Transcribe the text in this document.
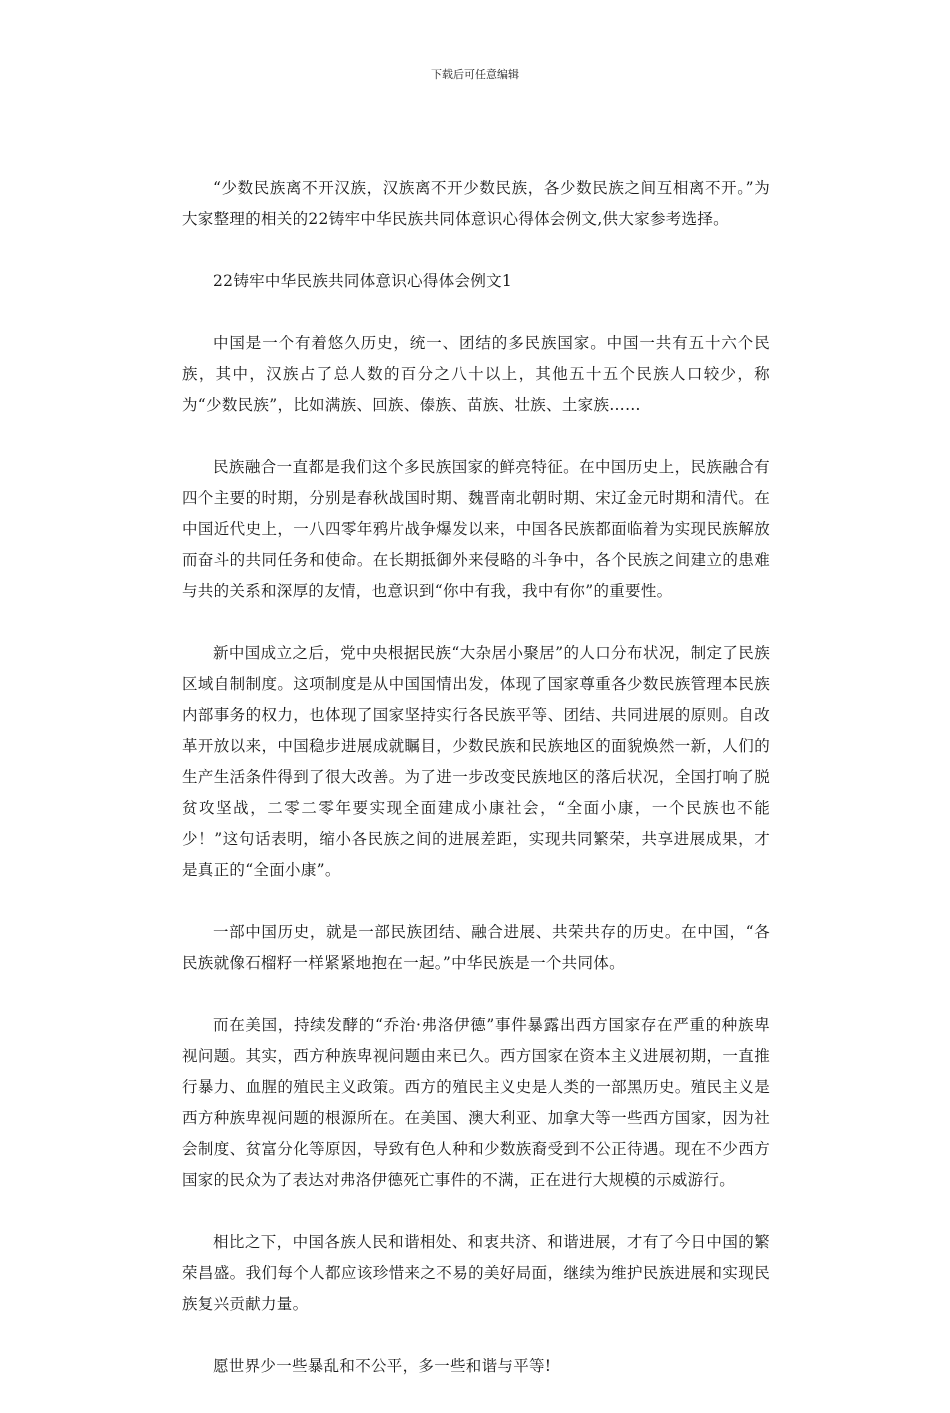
下载后可任意编辑

“少数民族离不开汉族，汉族离不开少数民族，各少数民族之间互相离不开。”为大家整理的相关的22铸牢中华民族共同体意识心得体会例文,供大家参考选择。

22铸牢中华民族共同体意识心得体会例文1

中国是一个有着悠久历史，统一、团结的多民族国家。中国一共有五十六个民族，其中，汉族占了总人数的百分之八十以上，其他五十五个民族人口较少，称为“少数民族”，比如满族、回族、傣族、苗族、壮族、土家族……

民族融合一直都是我们这个多民族国家的鲜亮特征。在中国历史上，民族融合有四个主要的时期，分别是春秋战国时期、魏晋南北朝时期、宋辽金元时期和清代。在中国近代史上，一八四零年鸦片战争爆发以来，中国各民族都面临着为实现民族解放而奋斗的共同任务和使命。在长期抵御外来侵略的斗争中，各个民族之间建立的患难与共的关系和深厚的友情，也意识到“你中有我，我中有你”的重要性。

新中国成立之后，党中央根据民族“大杂居小聚居”的人口分布状况，制定了民族区域自制制度。这项制度是从中国国情出发，体现了国家尊重各少数民族管理本民族内部事务的权力，也体现了国家坚持实行各民族平等、团结、共同进展的原则。自改革开放以来，中国稳步进展成就瞩目，少数民族和民族地区的面貌焕然一新，人们的生产生活条件得到了很大改善。为了进一步改变民族地区的落后状况，全国打响了脱贫攻坚战，二零二零年要实现全面建成小康社会，“全面小康，一个民族也不能少！”这句话表明，缩小各民族之间的进展差距，实现共同繁荣，共享进展成果，才是真正的“全面小康”。

一部中国历史，就是一部民族团结、融合进展、共荣共存的历史。在中国，“各民族就像石榴籽一样紧紧地抱在一起。”中华民族是一个共同体。

而在美国，持续发酵的“乔治·弗洛伊德”事件暴露出西方国家存在严重的种族卑视问题。其实，西方种族卑视问题由来已久。西方国家在资本主义进展初期，一直推行暴力、血腥的殖民主义政策。西方的殖民主义史是人类的一部黑历史。殖民主义是西方种族卑视问题的根源所在。在美国、澳大利亚、加拿大等一些西方国家，因为社会制度、贫富分化等原因，导致有色人种和少数族裔受到不公正待遇。现在不少西方国家的民众为了表达对弗洛伊德死亡事件的不满，正在进行大规模的示威游行。

相比之下，中国各族人民和谐相处、和衷共济、和谐进展，才有了今日中国的繁荣昌盛。我们每个人都应该珍惜来之不易的美好局面，继续为维护民族进展和实现民族复兴贡献力量。

愿世界少一些暴乱和不公平，多一些和谐与平等!
